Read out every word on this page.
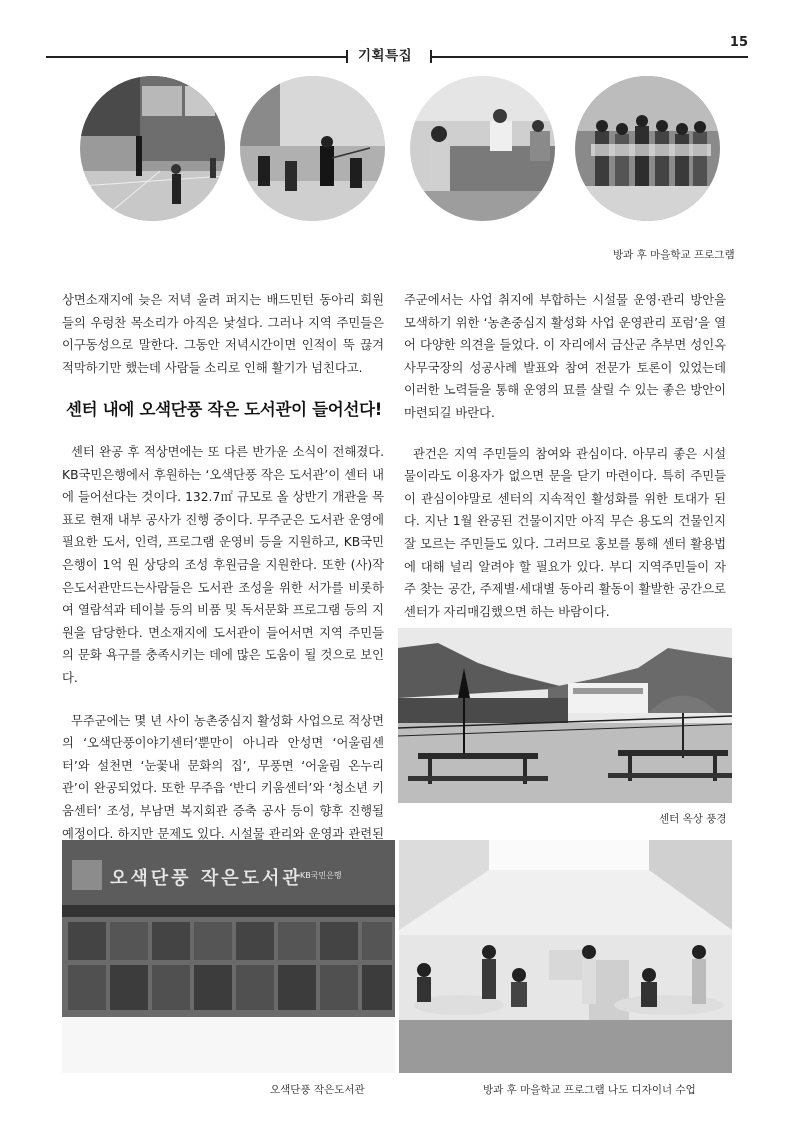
기획특집
15
방과 후 마을학교 프로그램

상면소재지에 늦은 저녁 울려 퍼지는 배드민턴 동아리 회원들의 우렁찬 목소리가 아직은 낯설다. 그러나 지역 주민들은 이구동성으로 말한다. 그동안 저녁시간이면 인적이 뚝 끊겨 적막하기만 했는데 사람들 소리로 인해 활기가 넘친다고.

센터 내에 오색단풍 작은 도서관이 들어선다!

센터 완공 후 적상면에는 또 다른 반가운 소식이 전해졌다. KB국민은행에서 후원하는 ‘오색단풍 작은 도서관’이 센터 내에 들어선다는 것이다. 132.7㎡ 규모로 올 상반기 개관을 목표로 현재 내부 공사가 진행 중이다. 무주군은 도서관 운영에 필요한 도서, 인력, 프로그램 운영비 등을 지원하고, KB국민은행이 1억 원 상당의 조성 후원금을 지원한다. 또한 (사)작은도서관만드는사람들은 도서관 조성을 위한 서가를 비롯하여 열람석과 테이블 등의 비품 및 독서문화 프로그램 등의 지원을 담당한다. 면소재지에 도서관이 들어서면 지역 주민들의 문화 욕구를 충족시키는 데에 많은 도움이 될 것으로 보인다.

무주군에는 몇 년 사이 농촌중심지 활성화 사업으로 적상면의 ‘오색단풍이야기센터’뿐만이 아니라 안성면 ‘어울림센터’와 설천면 ‘눈꽃내 문화의 집’, 무풍면 ‘어울림 온누리관’이 완공되었다. 또한 무주읍 ‘반디 키움센터’와 ‘청소년 키움센터’ 조성, 부남면 복지회관 증축 공사 등이 향후 진행될 예정이다. 하지만 문제도 있다. 시설물 관리와 운영과 관련된

주군에서는 사업 취지에 부합하는 시설물 운영·관리 방안을 모색하기 위한 ‘농촌중심지 활성화 사업 운영관리 포럼’을 열어 다양한 의견을 들었다. 이 자리에서 금산군 추부면 성인옥 사무국장의 성공사례 발표와 참여 전문가 토론이 있었는데 이러한 노력들을 통해 운영의 묘를 살릴 수 있는 좋은 방안이 마련되길 바란다.

관건은 지역 주민들의 참여와 관심이다. 아무리 좋은 시설물이라도 이용자가 없으면 문을 닫기 마련이다. 특히 주민들이 관심이야말로 센터의 지속적인 활성화를 위한 토대가 된다. 지난 1월 완공된 건물이지만 아직 무슨 용도의 건물인지 잘 모르는 주민들도 있다. 그러므로 홍보를 통해 센터 활용법에 대해 널리 알려야 할 필요가 있다. 부디 지역주민들이 자주 찾는 공간, 주제별·세대별 동아리 활동이 활발한 공간으로 센터가 자리매김했으면 하는 바람이다.

센터 옥상 풍경
오색단풍 작은도서관
KB국민은행
오색단풍 작은도서관	방과 후 마을학교 프로그램 나도 디자이너 수업
